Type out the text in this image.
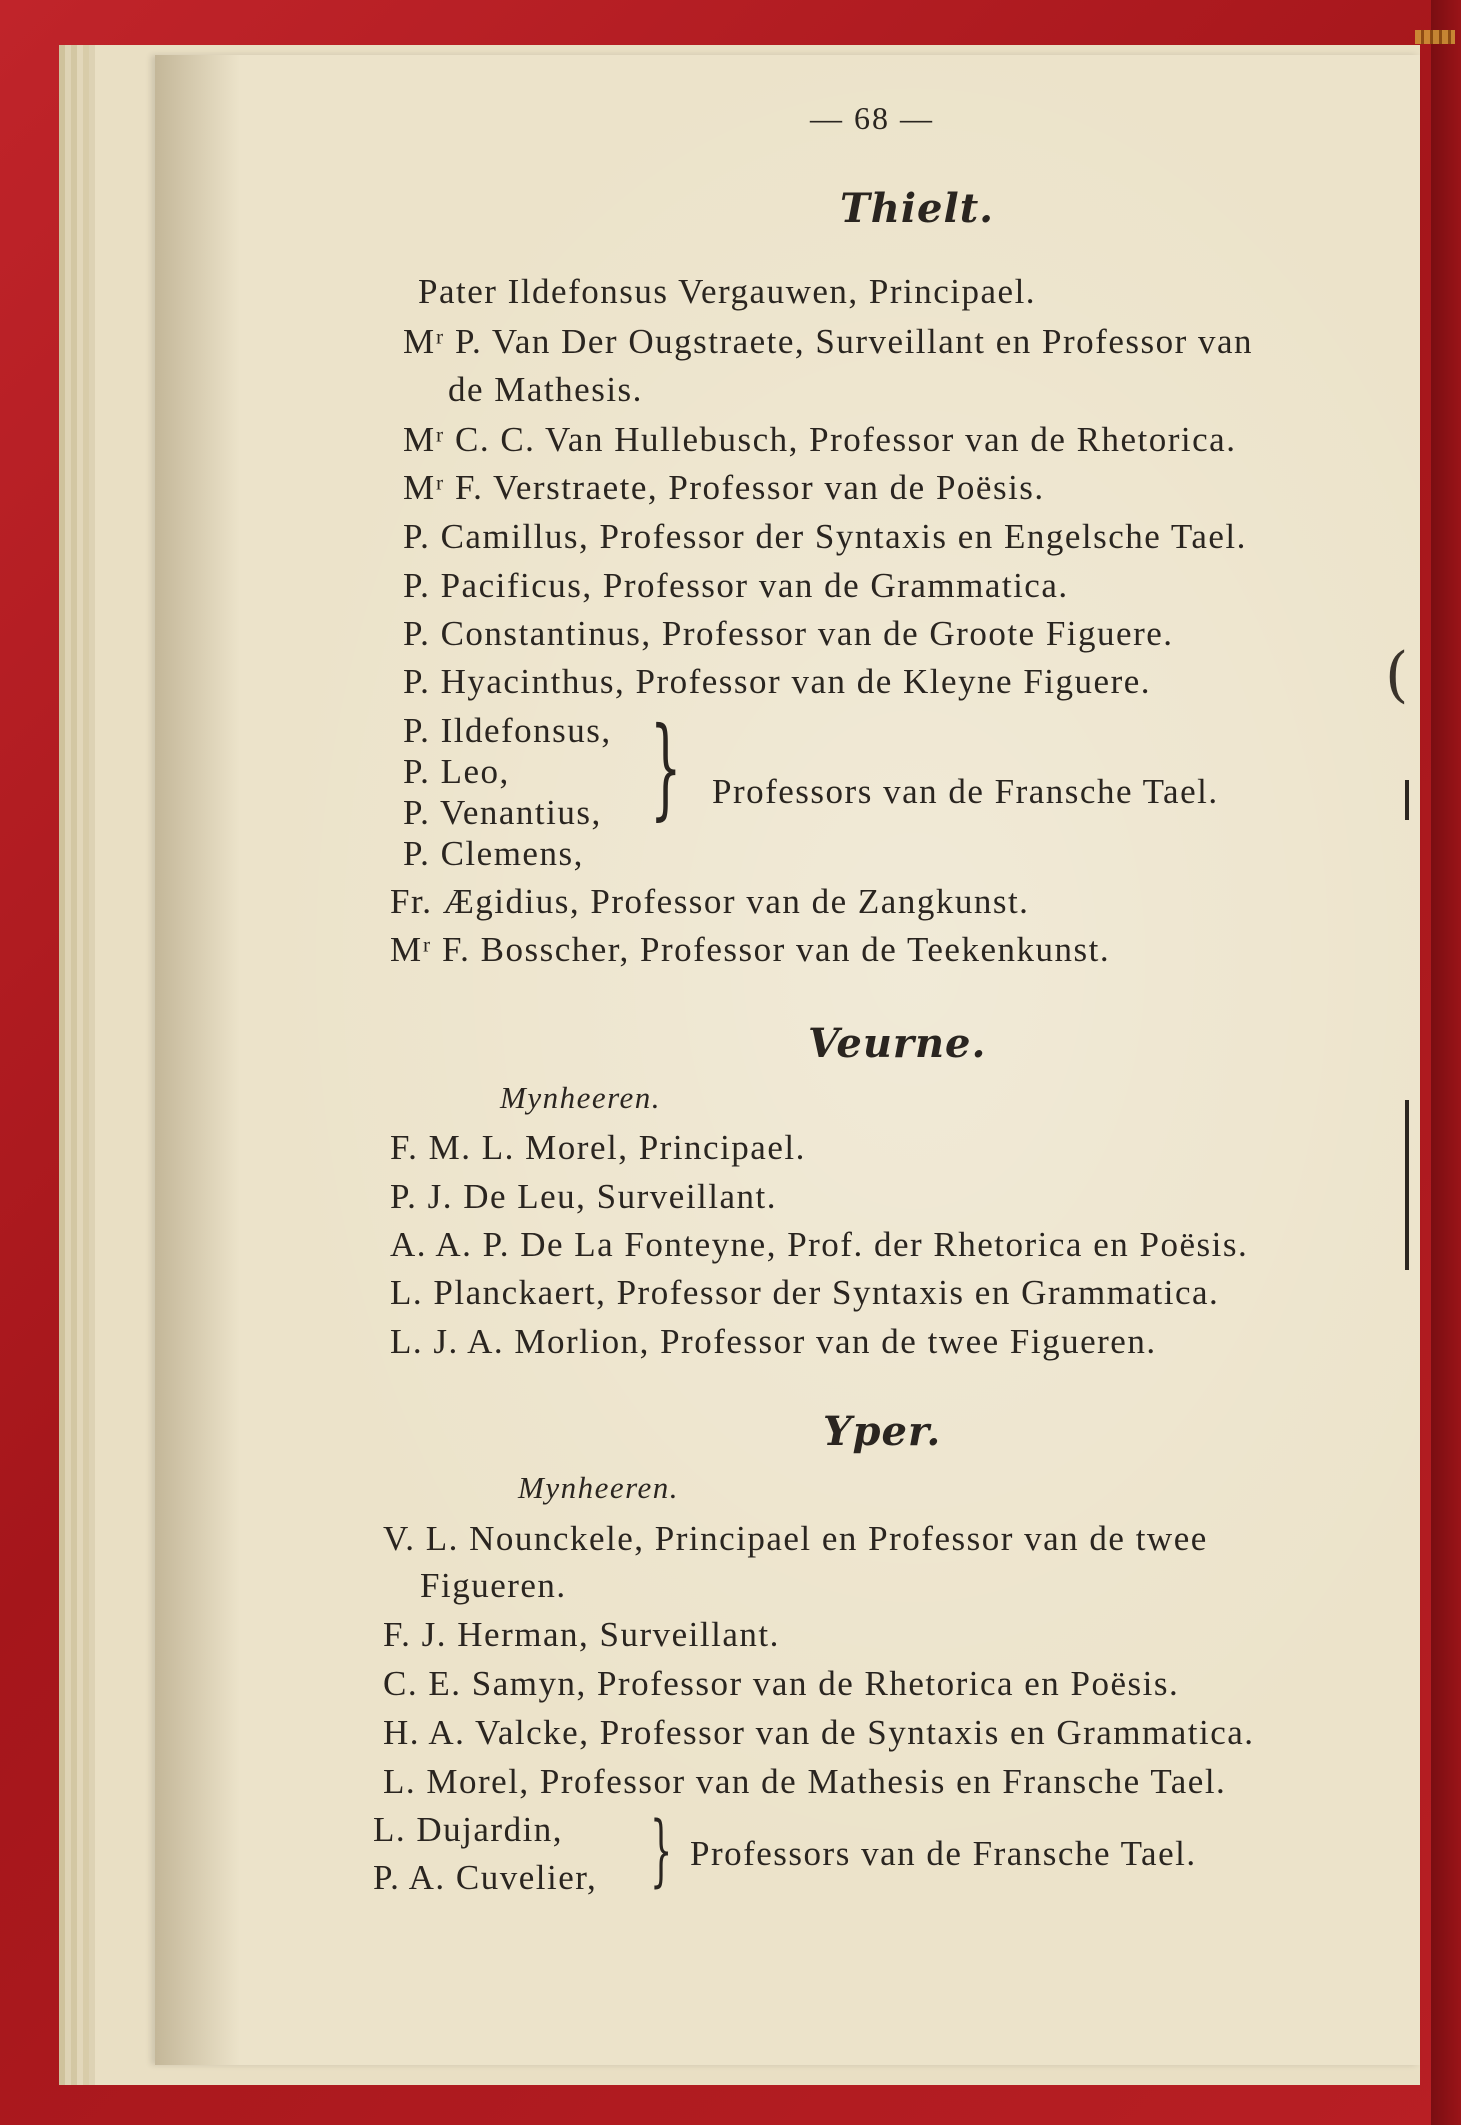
— 68 —
Thielt.
Pater Ildefonsus Vergauwen, Principael.
Mʳ P. Van Der Ougstraete, Surveillant en Professor van
de Mathesis.
Mʳ C. C. Van Hullebusch, Professor van de Rhetorica.
Mʳ F. Verstraete, Professor van de Poësis.
P. Camillus, Professor der Syntaxis en Engelsche Tael.
P. Pacificus, Professor van de Grammatica.
P. Constantinus, Professor van de Groote Figuere.
P. Hyacinthus, Professor van de Kleyne Figuere.
P. Ildefonsus,
P. Leo,
P. Venantius,
P. Clemens,
} Professors van de Fransche Tael.
Fr. Ægidius, Professor van de Zangkunst.
Mʳ F. Bosscher, Professor van de Teekenkunst.
Veurne.
Mynheeren.
F. M. L. Morel, Principael.
P. J. De Leu, Surveillant.
A. A. P. De La Fonteyne, Prof. der Rhetorica en Poësis.
L. Planckaert, Professor der Syntaxis en Grammatica.
L. J. A. Morlion, Professor van de twee Figueren.
Yper.
Mynheeren.
V. L. Nounckele, Principael en Professor van de twee
Figueren.
F. J. Herman, Surveillant.
C. E. Samyn, Professor van de Rhetorica en Poësis.
H. A. Valcke, Professor van de Syntaxis en Grammatica.
L. Morel, Professor van de Mathesis en Fransche Tael.
L. Dujardin,
P. A. Cuvelier, } Professors van de Fransche Tael.
(
